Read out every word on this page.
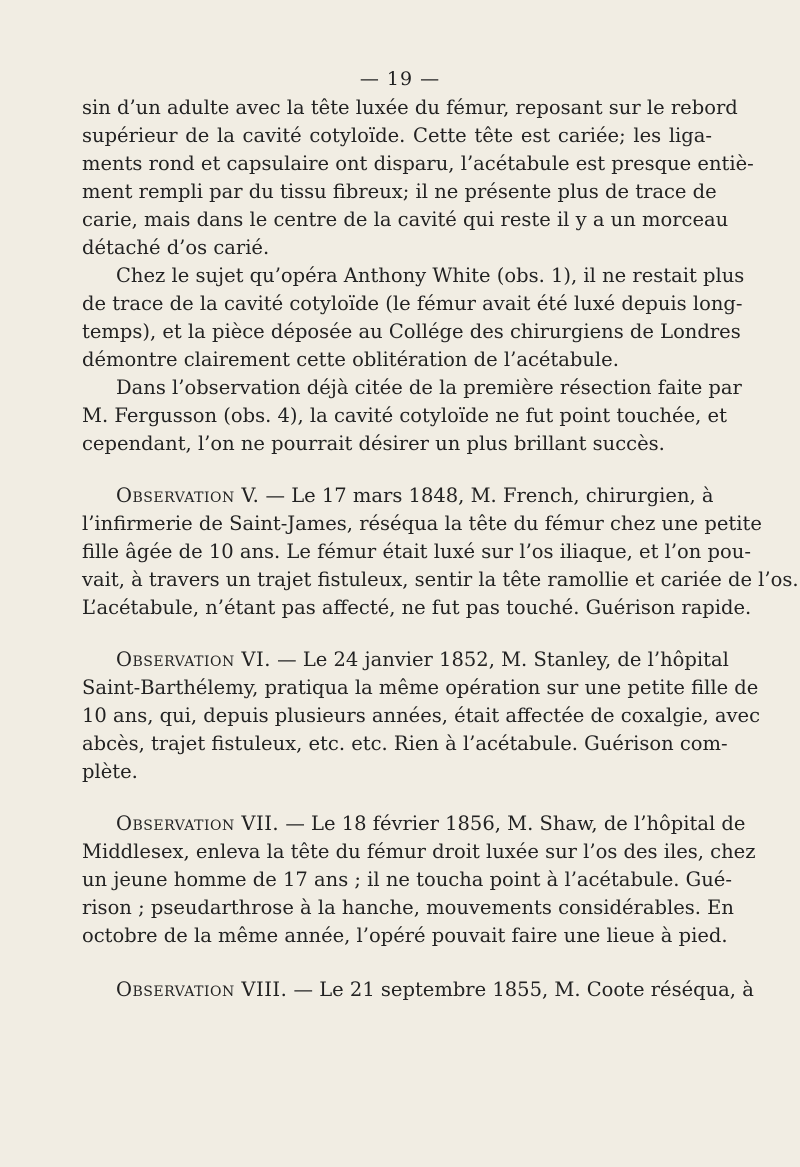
— 19 —
sin d’un adulte avec la tête luxée du fémur, reposant sur le rebord
supérieur de la cavité cotyloïde. Cette tête est cariée; les liga-
ments rond et capsulaire ont disparu, l’acétabule est presque entiè-
ment rempli par du tissu fibreux; il ne présente plus de trace de
carie, mais dans le centre de la cavité qui reste il y a un morceau
détaché d’os carié.
Chez le sujet qu’opéra Anthony White (obs. 1), il ne restait plus
de trace de la cavité cotyloïde (le fémur avait été luxé depuis long-
temps), et la pièce déposée au Collége des chirurgiens de Londres
démontre clairement cette oblitération de l’acétabule.
Dans l’observation déjà citée de la première résection faite par
M. Fergusson (obs. 4), la cavité cotyloïde ne fut point touchée, et
cependant, l’on ne pourrait désirer un plus brillant succès.
Observation V. — Le 17 mars 1848, M. French, chirurgien, à
l’infirmerie de Saint-James, réséqua la tête du fémur chez une petite
fille âgée de 10 ans. Le fémur était luxé sur l’os iliaque, et l’on pou-
vait, à travers un trajet fistuleux, sentir la tête ramollie et cariée de l’os.
L’acétabule, n’étant pas affecté, ne fut pas touché. Guérison rapide.
Observation VI. — Le 24 janvier 1852, M. Stanley, de l’hôpital
Saint-Barthélemy, pratiqua la même opération sur une petite fille de
10 ans, qui, depuis plusieurs années, était affectée de coxalgie, avec
abcès, trajet fistuleux, etc. etc. Rien à l’acétabule. Guérison com-
plète.
Observation VII. — Le 18 février 1856, M. Shaw, de l’hôpital de
Middlesex, enleva la tête du fémur droit luxée sur l’os des iles, chez
un jeune homme de 17 ans ; il ne toucha point à l’acétabule. Gué-
rison ; pseudarthrose à la hanche, mouvements considérables. En
octobre de la même année, l’opéré pouvait faire une lieue à pied.
Observation VIII. — Le 21 septembre 1855, M. Coote réséqua, à
